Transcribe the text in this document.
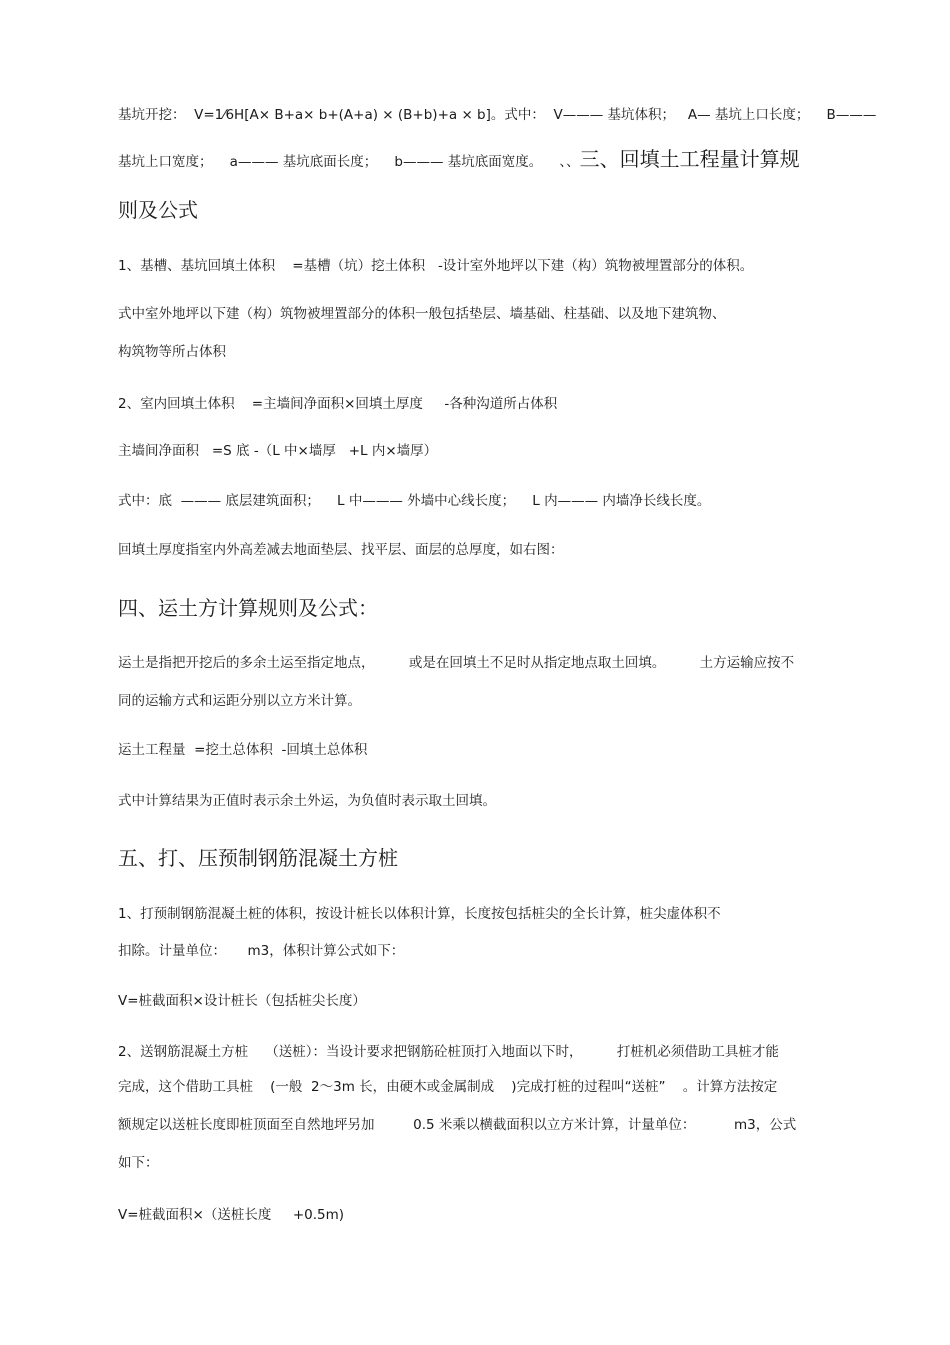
基坑开挖：  V=1⁄6H[A× B+a× b+(A+a) × (B+b)+a × b]。式中：  V——— 基坑体积；   A— 基坑上口长度；    B———
基坑上口宽度；    a——— 基坑底面长度；    b——— 基坑底面宽度。    、、三、回填土工程量计算规
则及公式
1、基槽、基坑回填土体积    =基槽（坑）挖土体积   -设计室外地坪以下建（构）筑物被埋置部分的体积。
式中室外地坪以下建（构）筑物被埋置部分的体积一般包括垫层、墙基础、柱基础、以及地下建筑物、
构筑物等所占体积
2、室内回填土体积    =主墙间净面积×回填土厚度     -各种沟道所占体积
主墙间净面积   =S 底 -（L 中×墙厚   +L 内×墙厚）
式中：底  ——— 底层建筑面积；    L 中——— 外墙中心线长度；    L 内——— 内墙净长线长度。
回填土厚度指室内外高差减去地面垫层、找平层、面层的总厚度，如右图：
四、运土方计算规则及公式：
运土是指把开挖后的多余土运至指定地点，        或是在回填土不足时从指定地点取土回填。        土方运输应按不
同的运输方式和运距分别以立方米计算。
运土工程量  =挖土总体积  -回填土总体积
式中计算结果为正值时表示余土外运，为负值时表示取土回填。
五、打、压预制钢筋混凝土方桩
1、打预制钢筋混凝土桩的体积，按设计桩长以体积计算，长度按包括桩尖的全长计算，桩尖虚体积不
扣除。计量单位：     m3，体积计算公式如下：
V=桩截面积×设计桩长（包括桩尖长度）
2、送钢筋混凝土方桩    （送桩）：当设计要求把钢筋砼桩顶打入地面以下时，        打桩机必须借助工具桩才能
完成，这个借助工具桩    (一般  2～3m 长，由硬木或金属制成    )完成打桩的过程叫“送桩”    。计算方法按定
额规定以送桩长度即桩顶面至自然地坪另加         0.5 米乘以横截面积以立方米计算，计量单位：         m3，公式
如下：
V=桩截面积×（送桩长度     +0.5m)
